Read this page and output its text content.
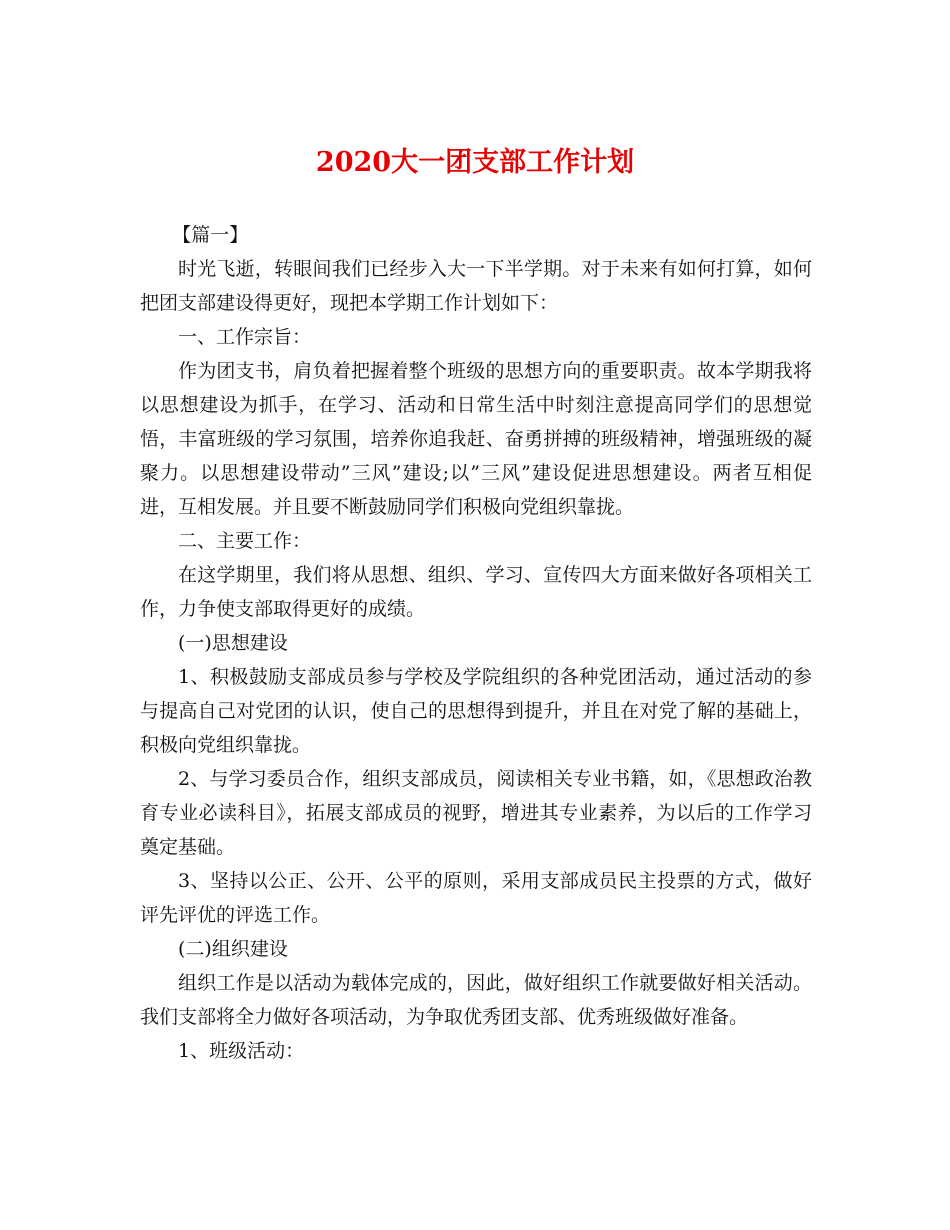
2020大一团支部工作计划

【篇一】

时光飞逝，转眼间我们已经步入大一下半学期。对于未来有如何打算，如何把团支部建设得更好，现把本学期工作计划如下：

一、工作宗旨：

作为团支书，肩负着把握着整个班级的思想方向的重要职责。故本学期我将以思想建设为抓手，在学习、活动和日常生活中时刻注意提高同学们的思想觉悟，丰富班级的学习氛围，培养你追我赶、奋勇拼搏的班级精神，增强班级的凝聚力。以思想建设带动”三风”建设;以”三风”建设促进思想建设。两者互相促进，互相发展。并且要不断鼓励同学们积极向党组织靠拢。

二、主要工作：

在这学期里，我们将从思想、组织、学习、宣传四大方面来做好各项相关工作，力争使支部取得更好的成绩。

(一)思想建设

1、积极鼓励支部成员参与学校及学院组织的各种党团活动，通过活动的参与提高自己对党团的认识，使自己的思想得到提升，并且在对党了解的基础上，积极向党组织靠拢。

2、与学习委员合作，组织支部成员，阅读相关专业书籍，如，《思想政治教育专业必读科目》，拓展支部成员的视野，增进其专业素养，为以后的工作学习奠定基础。

3、坚持以公正、公开、公平的原则，采用支部成员民主投票的方式，做好评先评优的评选工作。

(二)组织建设

组织工作是以活动为载体完成的，因此，做好组织工作就要做好相关活动。我们支部将全力做好各项活动，为争取优秀团支部、优秀班级做好准备。

1、班级活动：
